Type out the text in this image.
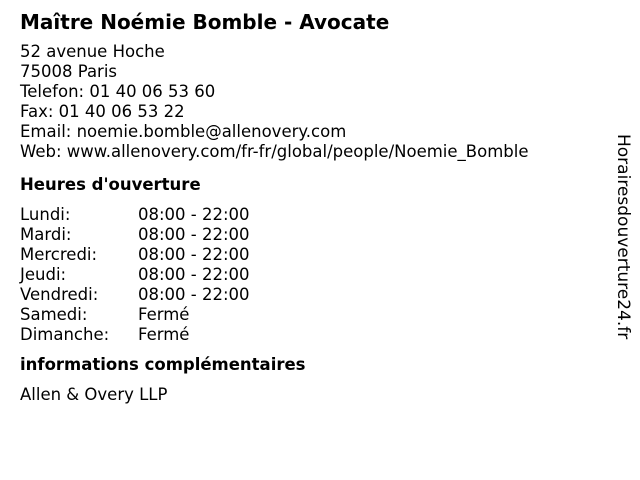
Maître Noémie Bomble - Avocate
52 avenue Hoche
75008 Paris
Telefon: 01 40 06 53 60
Fax: 01 40 06 53 22
Email: noemie.bomble@allenovery.com
Web: www.allenovery.com/fr-fr/global/people/Noemie_Bomble
Heures d'ouverture
Lundi:	08:00 - 22:00
Mardi:	08:00 - 22:00
Mercredi:	08:00 - 22:00
Jeudi:	08:00 - 22:00
Vendredi:	08:00 - 22:00
Samedi:	Fermé
Dimanche:	Fermé
informations complémentaires
Allen & Overy LLP
Horairesdouverture24.fr
